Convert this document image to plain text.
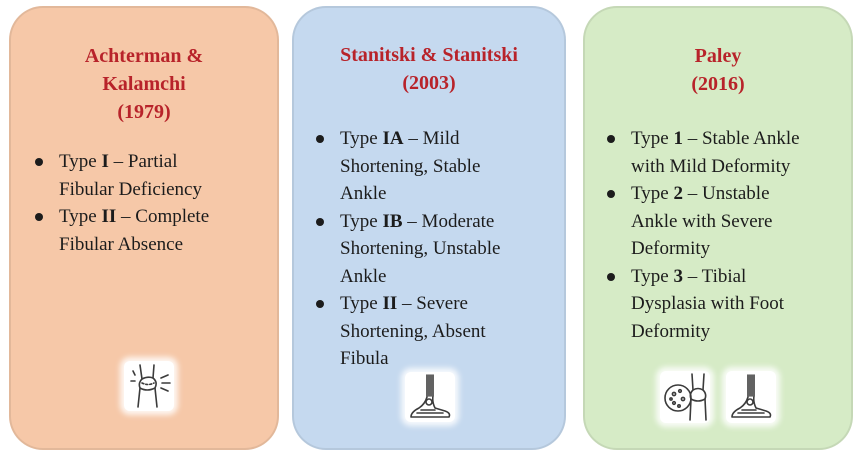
Achterman &
Kalamchi
(1979)
Type I – Partial
Fibular Deficiency
Type II – Complete
Fibular Absence
Stanitski & Stanitski
(2003)
Type IA – Mild
Shortening, Stable
Ankle
Type IB – Moderate
Shortening, Unstable
Ankle
Type II – Severe
Shortening, Absent
Fibula
Paley
(2016)
Type 1 – Stable Ankle
with Mild Deformity
Type 2 – Unstable
Ankle with Severe
Deformity
Type 3 – Tibial
Dysplasia with Foot
Deformity
